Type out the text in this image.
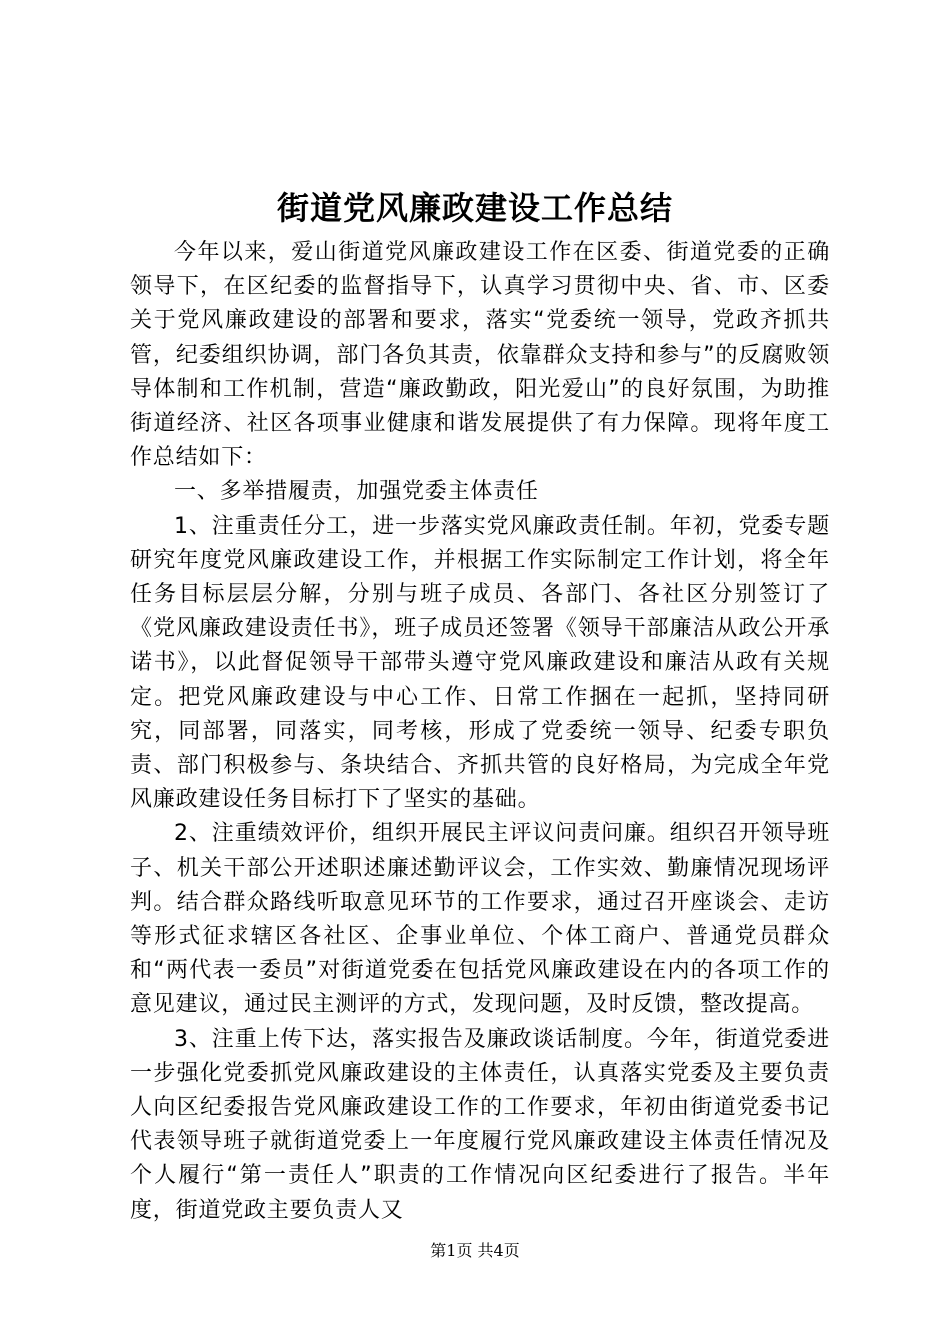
街道党风廉政建设工作总结

今年以来，爱山街道党风廉政建设工作在区委、街道党委的正确领导下，在区纪委的监督指导下，认真学习贯彻中央、省、市、区委关于党风廉政建设的部署和要求，落实“党委统一领导，党政齐抓共管，纪委组织协调，部门各负其责，依靠群众支持和参与”的反腐败领导体制和工作机制，营造“廉政勤政，阳光爱山”的良好氛围，为助推街道经济、社区各项事业健康和谐发展提供了有力保障。现将年度工作总结如下：

一、多举措履责，加强党委主体责任

1、注重责任分工，进一步落实党风廉政责任制。年初，党委专题研究年度党风廉政建设工作，并根据工作实际制定工作计划，将全年任务目标层层分解，分别与班子成员、各部门、各社区分别签订了《党风廉政建设责任书》，班子成员还签署《领导干部廉洁从政公开承诺书》，以此督促领导干部带头遵守党风廉政建设和廉洁从政有关规定。把党风廉政建设与中心工作、日常工作捆在一起抓，坚持同研究，同部署，同落实，同考核，形成了党委统一领导、纪委专职负责、部门积极参与、条块结合、齐抓共管的良好格局，为完成全年党风廉政建设任务目标打下了坚实的基础。

2、注重绩效评价，组织开展民主评议问责问廉。组织召开领导班子、机关干部公开述职述廉述勤评议会，工作实效、勤廉情况现场评判。结合群众路线听取意见环节的工作要求，通过召开座谈会、走访等形式征求辖区各社区、企事业单位、个体工商户、普通党员群众和“两代表一委员”对街道党委在包括党风廉政建设在内的各项工作的意见建议，通过民主测评的方式，发现问题，及时反馈，整改提高。

3、注重上传下达，落实报告及廉政谈话制度。今年，街道党委进一步强化党委抓党风廉政建设的主体责任，认真落实党委及主要负责人向区纪委报告党风廉政建设工作的工作要求，年初由街道党委书记代表领导班子就街道党委上一年度履行党风廉政建设主体责任情况及个人履行“第一责任人”职责的工作情况向区纪委进行了报告。半年度，街道党政主要负责人又

第1页 共4页
